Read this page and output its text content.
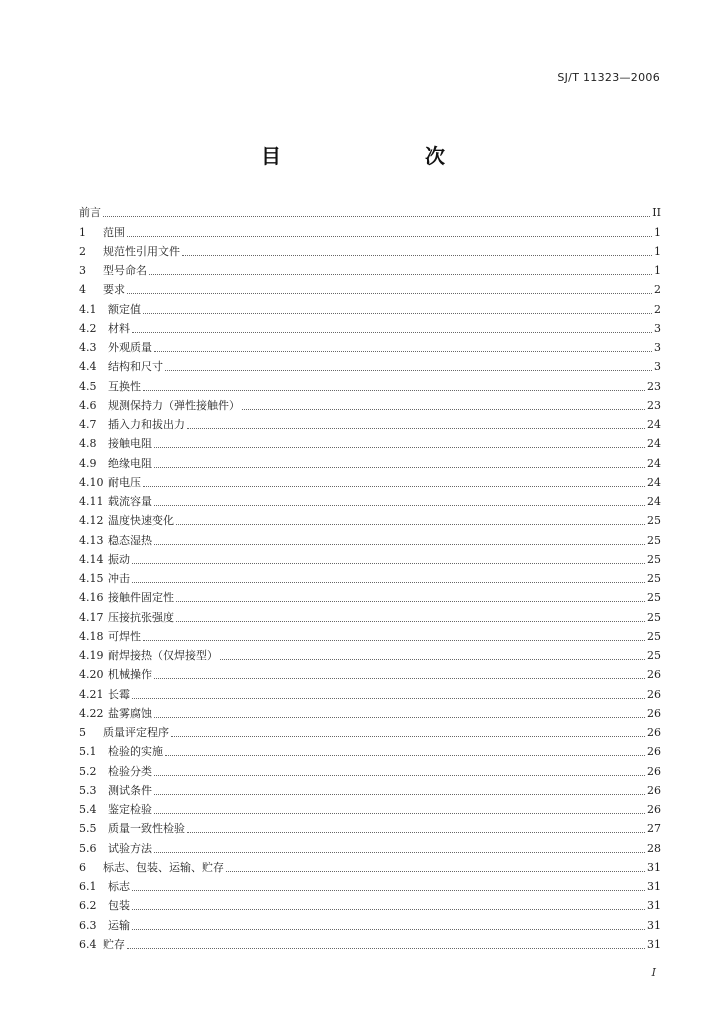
SJ/T 11323—2006
目　次
前言	II
1	范围	1
2	规范性引用文件	1
3	型号命名	1
4	要求	2
4.1	额定值	2
4.2	材料	3
4.3	外观质量	3
4.4	结构和尺寸	3
4.5	互换性	23
4.6	规测保持力（弹性接触件）	23
4.7	插入力和拔出力	24
4.8	接触电阻	24
4.9	绝缘电阻	24
4.10 耐电压	24
4.11 载流容量	24
4.12 温度快速变化	25
4.13 稳态湿热	25
4.14 振动	25
4.15 冲击	25
4.16 接触件固定性	25
4.17 压接抗张强度	25
4.18 可焊性	25
4.19 耐焊接热（仅焊接型）	25
4.20 机械操作	26
4.21 长霉	26
4.22 盐雾腐蚀	26
5	质量评定程序	26
5.1	检验的实施	26
5.2	检验分类	26
5.3	测试条件	26
5.4	鉴定检验	26
5.5	质量一致性检验	27
5.6	试验方法	28
6	标志、包装、运输、贮存	31
6.1	标志	31
6.2	包装	31
6.3	运输	31
6.4 贮存	31
I
